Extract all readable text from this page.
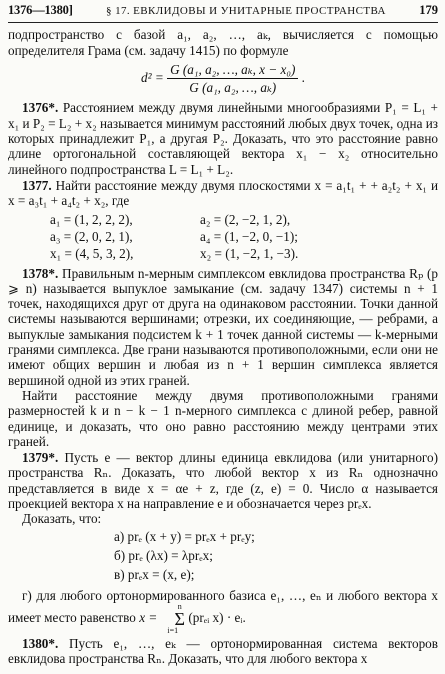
1376—1380]	§ 17. ЕВКЛИДОВЫ И УНИТАРНЫЕ ПРОСТРАНСТВА	179

подпространство с базой a₁, a₂, …, aₖ, вычисляется с помощью определителя Грама (см. задачу 1415) по формуле

$d^2 = \frac{\text{G (a₁, a₂, …, aₖ, x − x₀)}}{\text{G (a₁, a₂, …, aₖ)}}$ .

1376*. Расстоянием между двумя линейными многообразиями P₁ = L₁ + x₁ и P₂ = L₂ + x₂ называется минимум расстояний любых двух точек, одна из которых принадлежит P₁, а другая P₂. Доказать, что это расстояние равно длине ортогональной составляющей вектора x₁ − x₂ относительно линейного подпространства L = L₁ + L₂.

1377. Найти расстояние между двумя плоскостями x = a₁t₁ + + a₂t₂ + x₁ и x = a₃t₁ + a₄t₂ + x₂, где

a₁ = (1, 2, 2, 2),	a₂ = (2, −2, 1, 2),
a₃ = (2, 0, 2, 1),	a₄ = (1, −2, 0, −1);
x₁ = (4, 5, 3, 2),	x₂ = (1, −2, 1, −3).

1378*. Правильным n-мерным симплексом евклидова пространства Rₚ (p ⩾ n) называется выпуклое замыкание (см. задачу 1347) системы n + 1 точек, находящихся друг от друга на одинаковом расстоянии. Точки данной системы называются вершинами; отрезки, их соединяющие, — ребрами, а выпуклые замыкания подсистем k + 1 точек данной системы — k-мерными гранями симплекса. Две грани называются противоположными, если они не имеют общих вершин и любая из n + 1 вершин симплекса является вершиной одной из этих граней.

Найти расстояние между двумя противоположными гранями размерностей k и n − k − 1 n-мерного симплекса с длиной ребер, равной единице, и доказать, что оно равно расстоянию между центрами этих граней.

1379*. Пусть e — вектор длины единица евклидова (или унитарного) пространства Rₙ. Доказать, что любой вектор x из Rₙ однозначно представляется в виде x = αe + z, где (z, e) = 0. Число α называется проекцией вектора x на направление e и обозначается через prₑx.

Доказать, что:

а) prₑ (x + y) = prₑx + prₑy;
б) prₑ (λx) = λprₑx;
в) prₑx = (x, e);

г) для любого ортонормированного базиса e₁, …, eₙ и любого вектора x имеет место равенство x = n
Σ
i=1 (prₑᵢ x) · eᵢ.

1380*. Пусть e₁, …, eₖ — ортонормированная система векторов евклидова пространства Rₙ. Доказать, что для любого вектора x
